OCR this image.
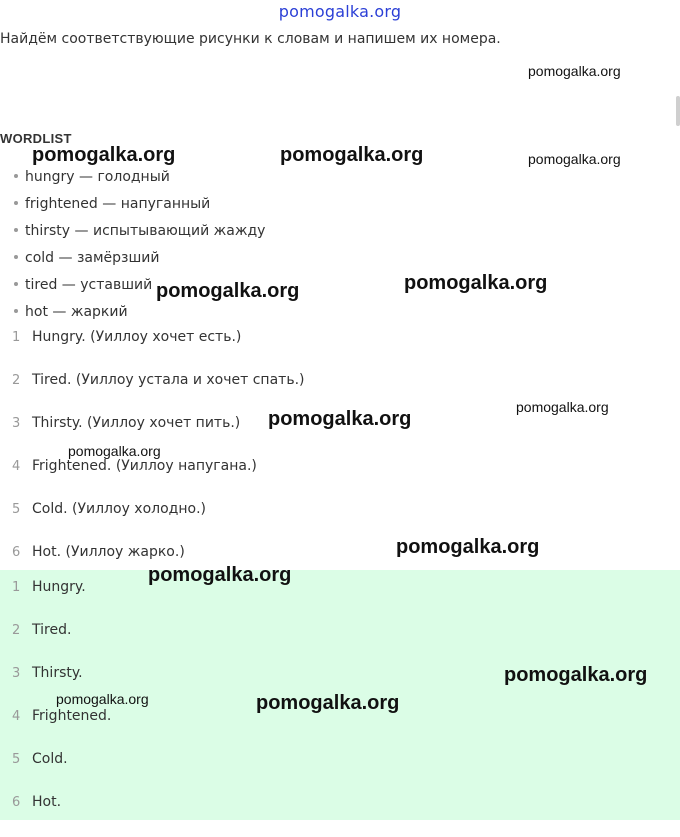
pomogalka.org
Найдём соответствующие рисунки к словам и напишем их номера.
WORDLIST
hungry — голодный
frightened — напуганный
thirsty — испытывающий жажду
cold — замёрзший
tired — уставший
hot — жаркий
1 Hungry. (Уиллоу хочет есть.)
2 Tired. (Уиллоу устала и хочет спать.)
3 Thirsty. (Уиллоу хочет пить.)
4 Frightened. (Уиллоу напугана.)
5 Cold. (Уиллоу холодно.)
6 Hot. (Уиллоу жарко.)
1 Hungry.
2 Tired.
3 Thirsty.
4 Frightened.
5 Cold.
6 Hot.
pomogalka.org
pomogalka.org	pomogalka.org	pomogalka.org
pomogalka.org
pomogalka.org
pomogalka.org
pomogalka.org
pomogalka.org
pomogalka.org
pomogalka.org
pomogalka.org
pomogalka.org	pomogalka.org
